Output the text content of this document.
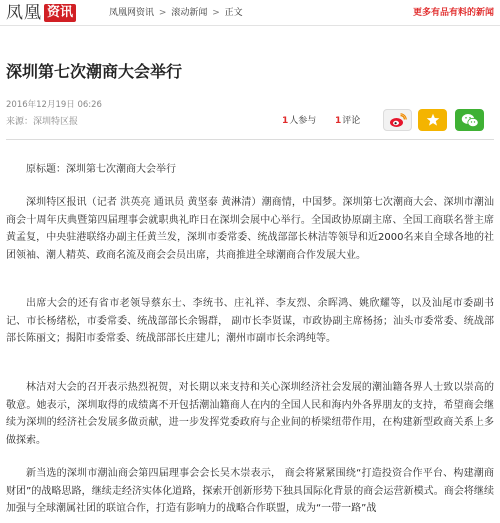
凤凰 资讯	凤凰网资讯 > 滚动新闻 > 正文	更多有品有料的新闻
深圳第七次潮商大会举行
2016年12月19日 06:26
来源：深圳特区报	1人参与 1评论

原标题：深圳第七次潮商大会举行

深圳特区报讯（记者 洪英亮 通讯员 黄坚泰 黄淋清）潮商情，中国梦。深圳第七次潮商大会、深圳市潮汕商会十周年庆典暨第四届理事会就职典礼昨日在深圳会展中心举行。全国政协原副主席、全国工商联名誉主席黄孟复，中央驻港联络办副主任黄兰发，深圳市委常委、统战部部长林洁等领导和近2000名来自全球各地的社团领袖、潮人精英、政商名流及商会会员出席，共商推进全球潮商合作发展大业。

出席大会的还有省市老领导蔡东士、李统书、庄礼祥、李友烈、余晖鸿、姚欣耀等，以及汕尾市委副书记、市长杨绪松，市委常委、统战部部长余锡群， 副市长李贤谋，市政协副主席杨扬；汕头市委常委、统战部部长陈丽文；揭阳市委常委、统战部部长庄建儿；潮州市副市长余鸿纯等。

林洁对大会的召开表示热烈祝贺，对长期以来支持和关心深圳经济社会发展的潮汕籍各界人士致以崇高的敬意。她表示，深圳取得的成绩离不开包括潮汕籍商人在内的全国人民和海内外各界朋友的支持，希望商会继续为深圳的经济社会发展多做贡献，进一步发挥党委政府与企业间的桥梁纽带作用，在构建新型政商关系上多做探索。

新当选的深圳市潮汕商会第四届理事会会长吴木崇表示， 商会将紧紧围绕“打造投资合作平台、构建潮商财团”的战略思路，继续走经济实体化道路，探索开创新形势下独具国际化背景的商会运营新模式。商会将继续加强与全球潮属社团的联谊合作，打造有影响力的战略合作联盟，成为“一带一路”战
